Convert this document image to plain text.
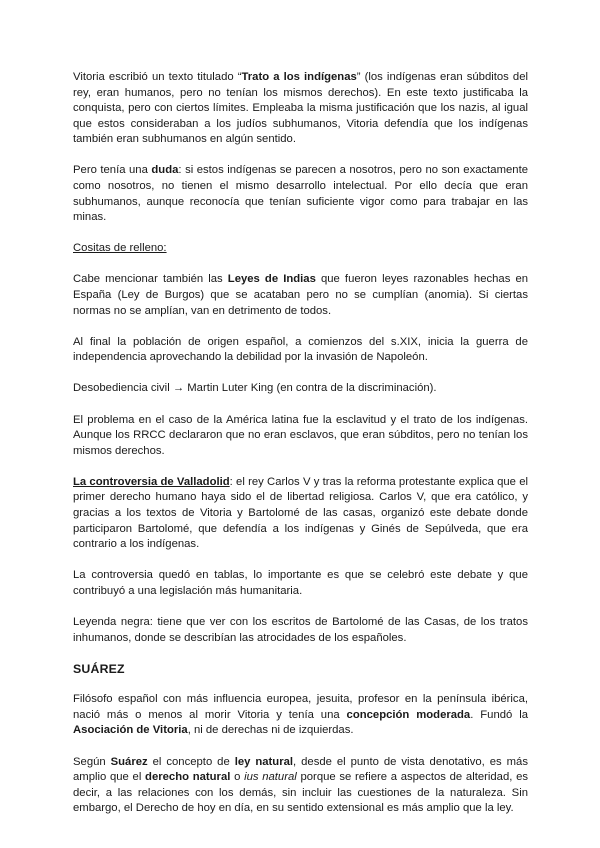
Vitoria escribió un texto titulado “Trato a los indígenas” (los indígenas eran súbditos del rey, eran humanos, pero no tenían los mismos derechos). En este texto justificaba la conquista, pero con ciertos límites. Empleaba la misma justificación que los nazis, al igual que estos consideraban a los judíos subhumanos, Vitoria defendía que los indígenas también eran subhumanos en algún sentido.

Pero tenía una duda: si estos indígenas se parecen a nosotros, pero no son exactamente como nosotros, no tienen el mismo desarrollo intelectual. Por ello decía que eran subhumanos, aunque reconocía que tenían suficiente vigor como para trabajar en las minas.

Cositas de relleno:

Cabe mencionar también las Leyes de Indias que fueron leyes razonables hechas en España (Ley de Burgos) que se acataban pero no se cumplían (anomia). Si ciertas normas no se amplían, van en detrimento de todos.

Al final la población de origen español, a comienzos del s.XIX, inicia la guerra de independencia aprovechando la debilidad por la invasión de Napoleón.

Desobediencia civil → Martin Luter King (en contra de la discriminación).

El problema en el caso de la América latina fue la esclavitud y el trato de los indígenas. Aunque los RRCC declararon que no eran esclavos, que eran súbditos, pero no tenían los mismos derechos.

La controversia de Valladolid: el rey Carlos V y tras la reforma protestante explica que el primer derecho humano haya sido el de libertad religiosa. Carlos V, que era católico, y gracias a los textos de Vitoria y Bartolomé de las casas, organizó este debate donde participaron Bartolomé, que defendía a los indígenas y Ginés de Sepúlveda, que era contrario a los indígenas.

La controversia quedó en tablas, lo importante es que se celebró este debate y que contribuyó a una legislación más humanitaria.

Leyenda negra: tiene que ver con los escritos de Bartolomé de las Casas, de los tratos inhumanos, donde se describían las atrocidades de los españoles.

SUÁREZ

Filósofo español con más influencia europea, jesuita, profesor en la península ibérica, nació más o menos al morir Vitoria y tenía una concepción moderada. Fundó la Asociación de Vitoria, ni de derechas ni de izquierdas.

Según Suárez el concepto de ley natural, desde el punto de vista denotativo, es más amplio que el derecho natural o ius natural porque se refiere a aspectos de alteridad, es decir, a las relaciones con los demás, sin incluir las cuestiones de la naturaleza. Sin embargo, el Derecho de hoy en día, en su sentido extensional es más amplio que la ley.
